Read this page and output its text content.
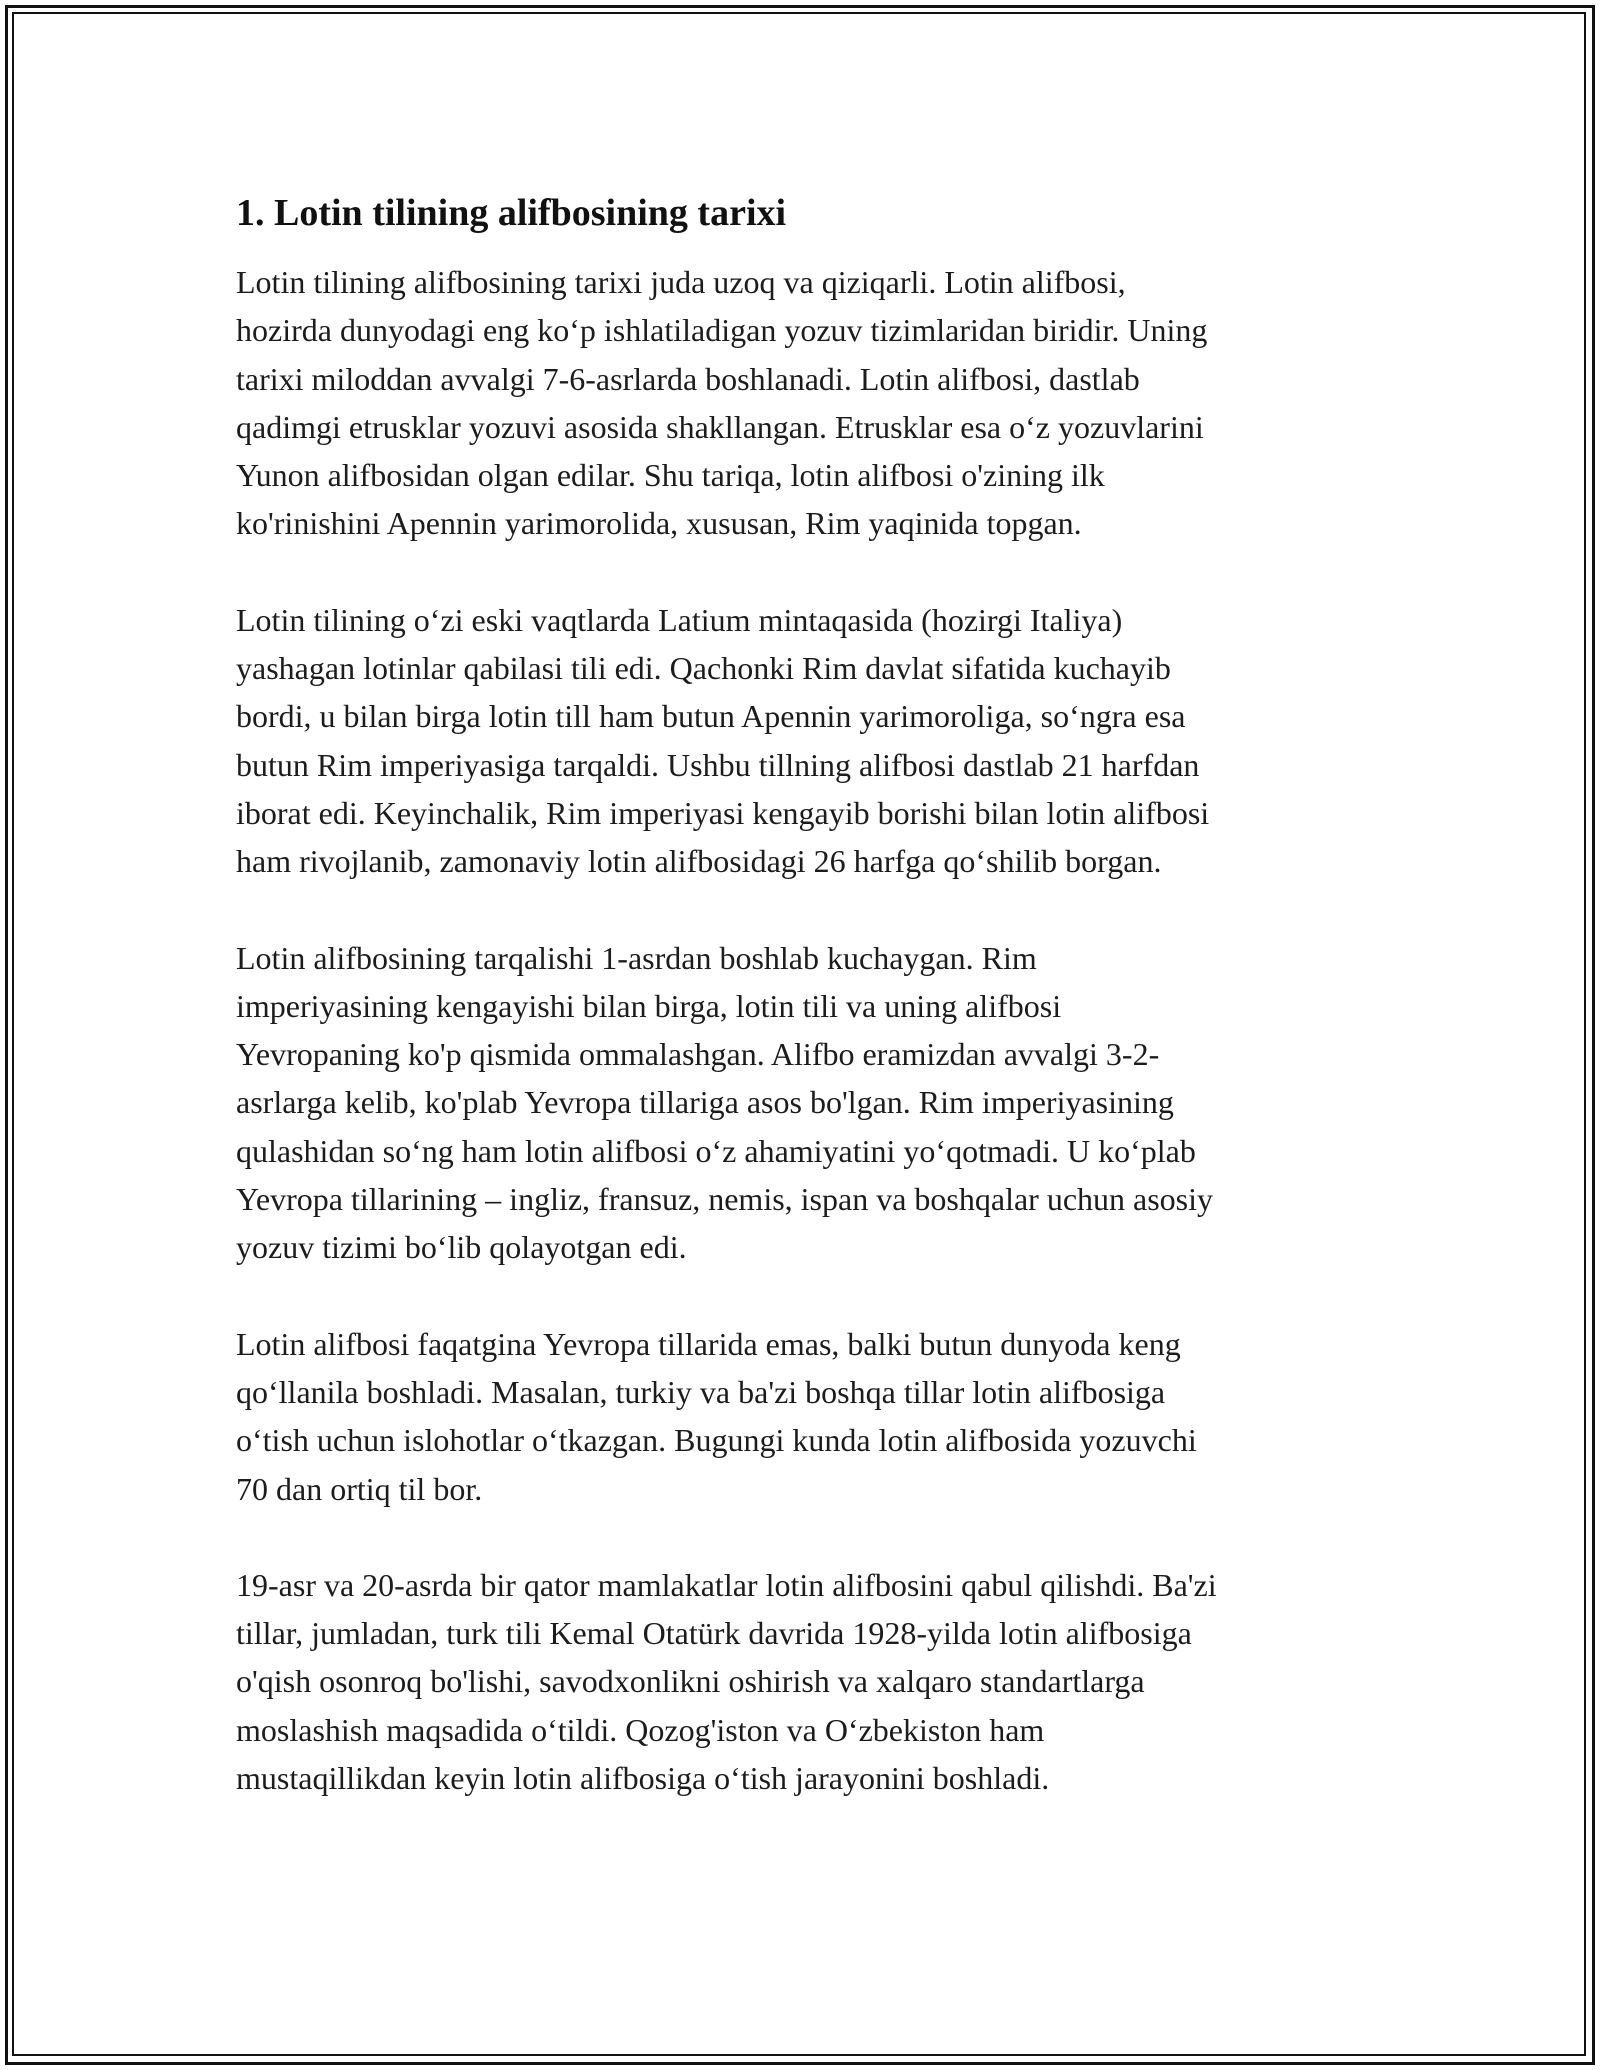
1. Lotin tilining alifbosining tarixi

Lotin tilining alifbosining tarixi juda uzoq va qiziqarli. Lotin alifbosi,
hozirda dunyodagi eng ko‘p ishlatiladigan yozuv tizimlaridan biridir. Uning
tarixi miloddan avvalgi 7-6-asrlarda boshlanadi. Lotin alifbosi, dastlab
qadimgi etrusklar yozuvi asosida shakllangan. Etrusklar esa o‘z yozuvlarini
Yunon alifbosidan olgan edilar. Shu tariqa, lotin alifbosi o'zining ilk
ko'rinishini Apennin yarimorolida, xususan, Rim yaqinida topgan.

Lotin tilining o‘zi eski vaqtlarda Latium mintaqasida (hozirgi Italiya)
yashagan lotinlar qabilasi tili edi. Qachonki Rim davlat sifatida kuchayib
bordi, u bilan birga lotin till ham butun Apennin yarimoroliga, so‘ngra esa
butun Rim imperiyasiga tarqaldi. Ushbu tillning alifbosi dastlab 21 harfdan
iborat edi. Keyinchalik, Rim imperiyasi kengayib borishi bilan lotin alifbosi
ham rivojlanib, zamonaviy lotin alifbosidagi 26 harfga qo‘shilib borgan.

Lotin alifbosining tarqalishi 1-asrdan boshlab kuchaygan. Rim
imperiyasining kengayishi bilan birga, lotin tili va uning alifbosi
Yevropaning ko'p qismida ommalashgan. Alifbo eramizdan avvalgi 3-2-
asrlarga kelib, ko'plab Yevropa tillariga asos bo'lgan. Rim imperiyasining
qulashidan so‘ng ham lotin alifbosi o‘z ahamiyatini yo‘qotmadi. U ko‘plab
Yevropa tillarining – ingliz, fransuz, nemis, ispan va boshqalar uchun asosiy
yozuv tizimi bo‘lib qolayotgan edi.

Lotin alifbosi faqatgina Yevropa tillarida emas, balki butun dunyoda keng
qo‘llanila boshladi. Masalan, turkiy va ba'zi boshqa tillar lotin alifbosiga
o‘tish uchun islohotlar o‘tkazgan. Bugungi kunda lotin alifbosida yozuvchi
70 dan ortiq til bor.

19-asr va 20-asrda bir qator mamlakatlar lotin alifbosini qabul qilishdi. Ba'zi
tillar, jumladan, turk tili Kemal Otatürk davrida 1928-yilda lotin alifbosiga
o'qish osonroq bo'lishi, savodxonlikni oshirish va xalqaro standartlarga
moslashish maqsadida o‘tildi. Qozog'iston va O‘zbekiston ham
mustaqillikdan keyin lotin alifbosiga o‘tish jarayonini boshladi.
